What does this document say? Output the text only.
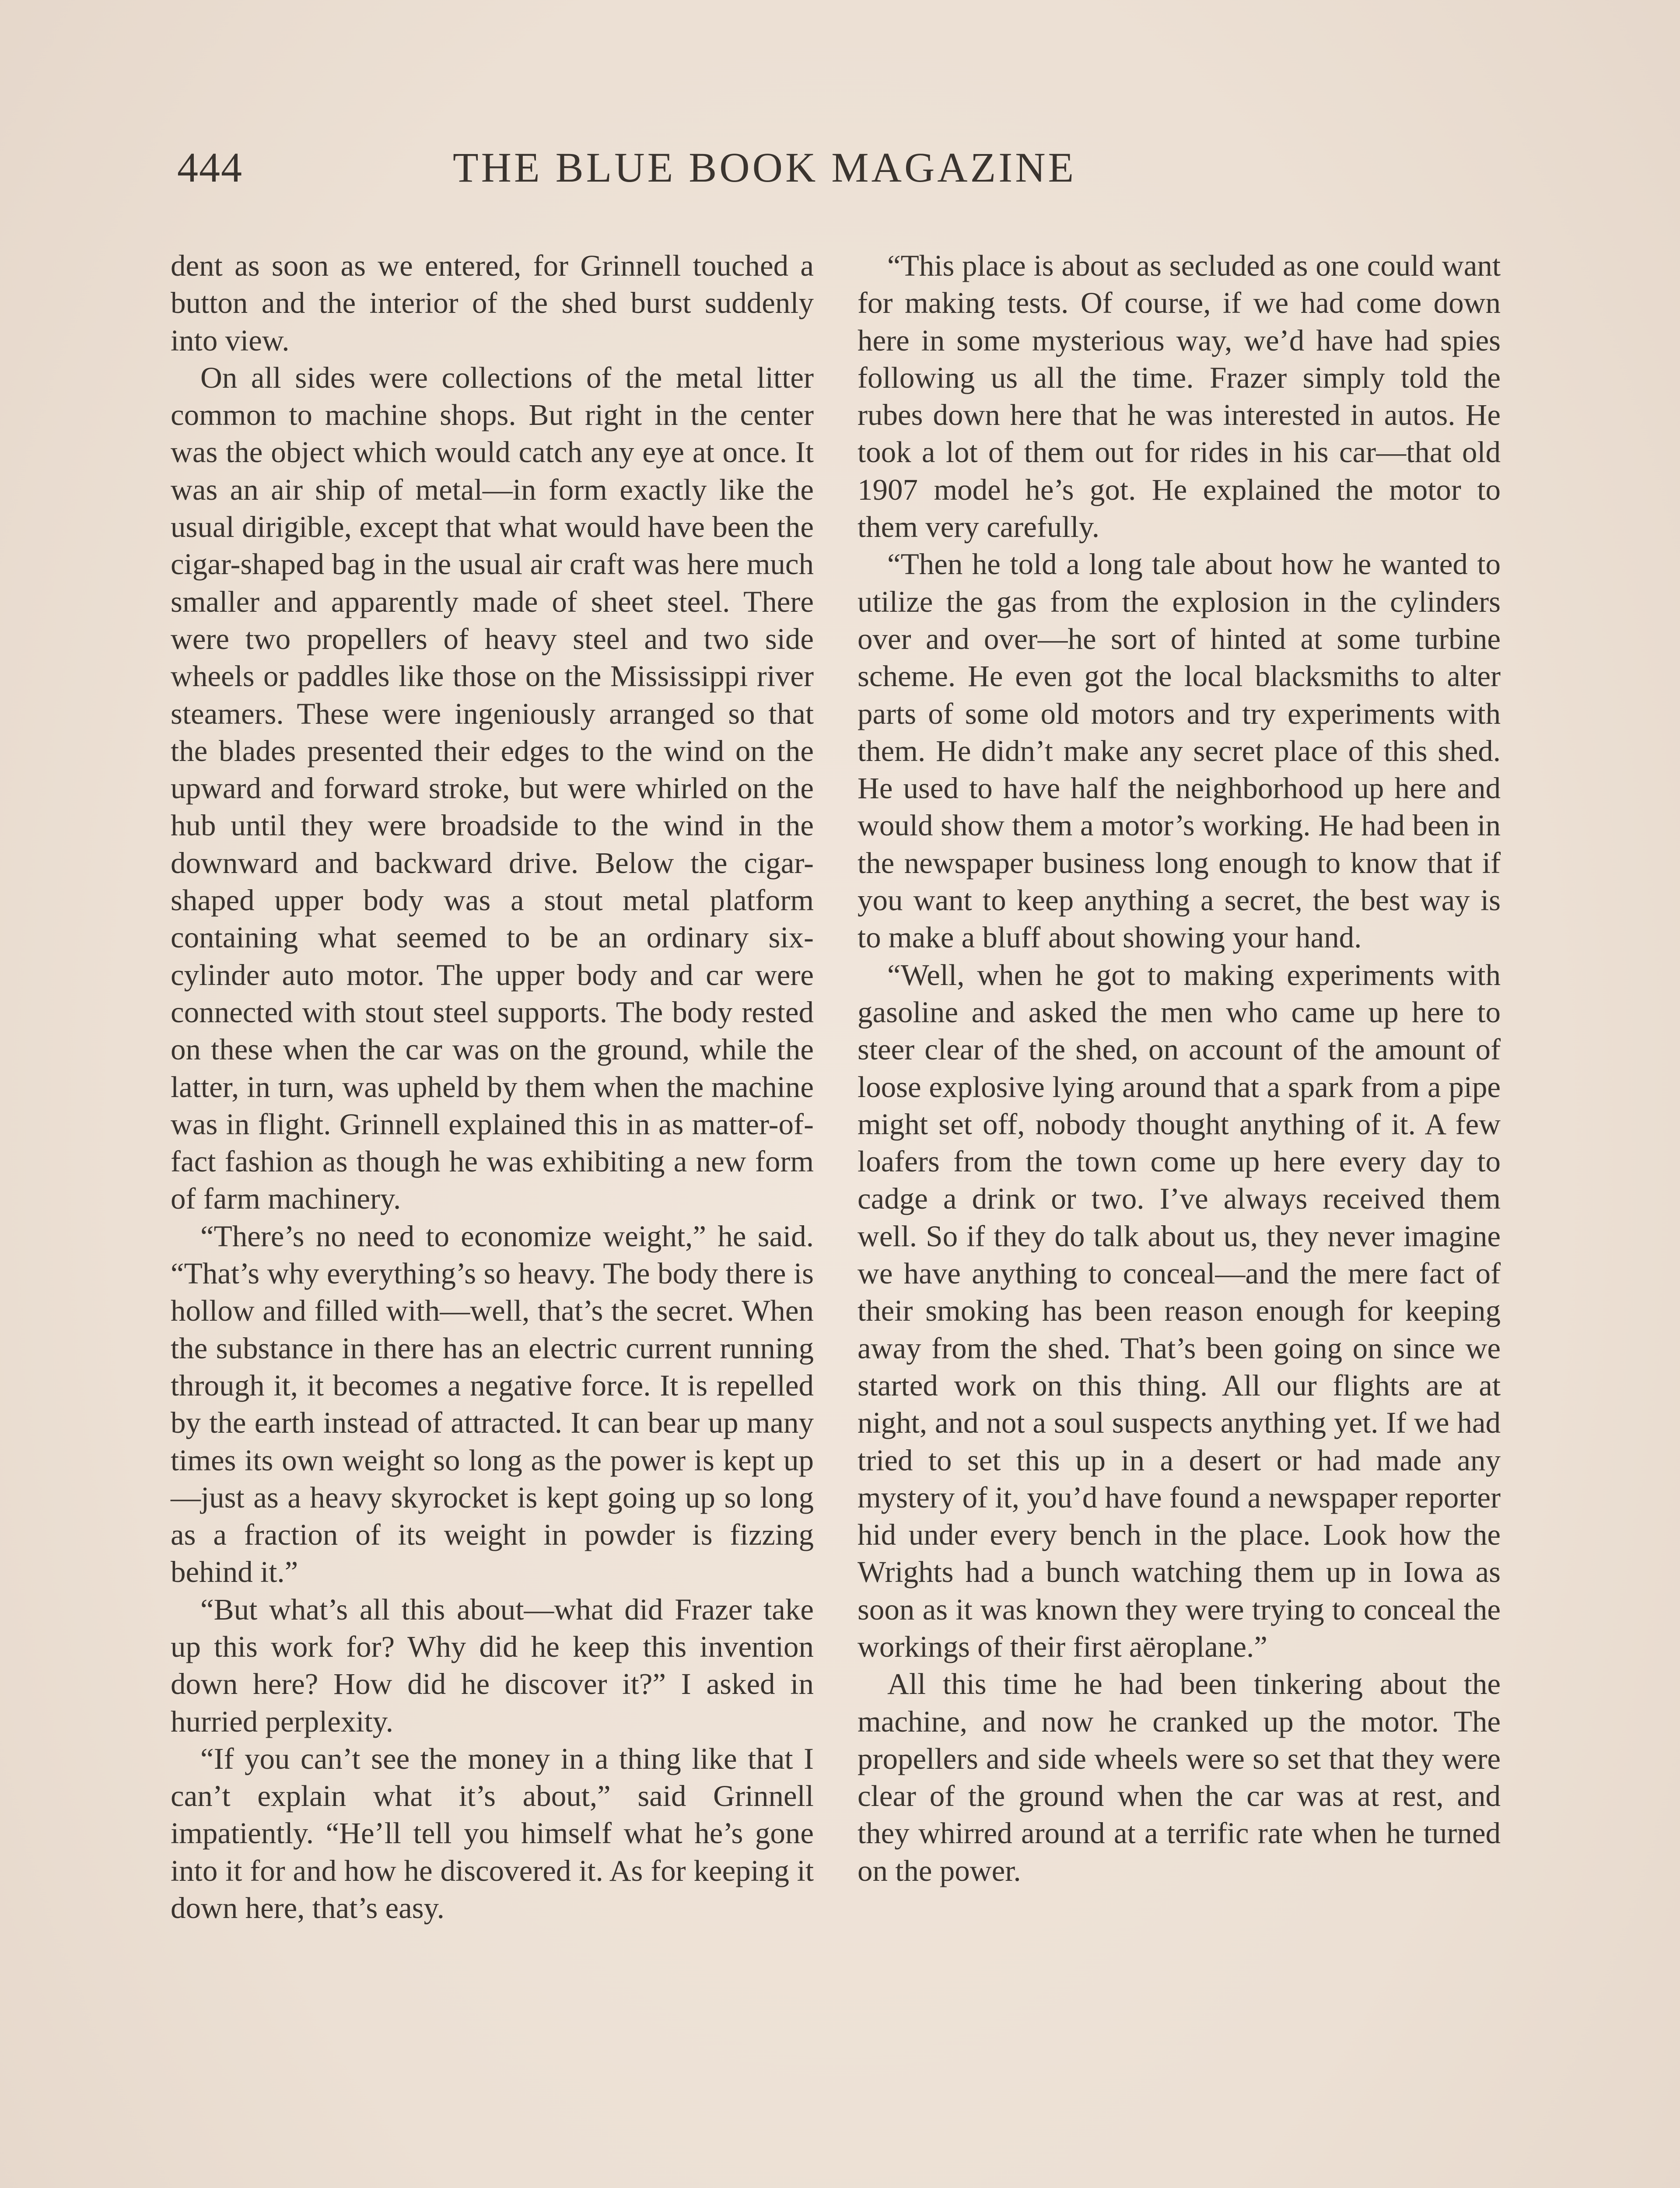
444	THE BLUE BOOK MAGAZINE

dent as soon as we entered, for Grinnell touched a button and the interior of the shed burst suddenly into view.

On all sides were collections of the metal litter common to machine shops. But right in the center was the object which would catch any eye at once. It was an air ship of metal—in form exactly like the usual dirigible, except that what would have been the cigar-shaped bag in the usual air craft was here much smaller and apparently made of sheet steel. There were two propellers of heavy steel and two side wheels or paddles like those on the Mississippi river steamers. These were ingeniously arranged so that the blades presented their edges to the wind on the upward and forward stroke, but were whirled on the hub until they were broadside to the wind in the downward and backward drive. Below the cigar-shaped upper body was a stout metal platform containing what seemed to be an ordinary six-cylinder auto motor. The upper body and car were connected with stout steel supports. The body rested on these when the car was on the ground, while the latter, in turn, was upheld by them when the machine was in flight. Grinnell explained this in as matter-of-fact fashion as though he was exhibiting a new form of farm machinery.

“There’s no need to economize weight,” he said. “That’s why everything’s so heavy. The body there is hollow and filled with—well, that’s the secret. When the substance in there has an electric current running through it, it becomes a negative force. It is repelled by the earth instead of attracted. It can bear up many times its own weight so long as the power is kept up—just as a heavy skyrocket is kept going up so long as a fraction of its weight in powder is fizzing behind it.”

“But what’s all this about—what did Frazer take up this work for? Why did he keep this invention down here? How did he discover it?” I asked in hurried perplexity.

“If you can’t see the money in a thing like that I can’t explain what it’s about,” said Grinnell impatiently. “He’ll tell you himself what he’s gone into it for and how he discovered it. As for keeping it down here, that’s easy.

“This place is about as secluded as one could want for making tests. Of course, if we had come down here in some mysterious way, we’d have had spies following us all the time. Frazer simply told the rubes down here that he was interested in autos. He took a lot of them out for rides in his car—that old 1907 model he’s got. He explained the motor to them very carefully.

“Then he told a long tale about how he wanted to utilize the gas from the explosion in the cylinders over and over—he sort of hinted at some turbine scheme. He even got the local blacksmiths to alter parts of some old motors and try experiments with them. He didn’t make any secret place of this shed. He used to have half the neighborhood up here and would show them a motor’s working. He had been in the newspaper business long enough to know that if you want to keep anything a secret, the best way is to make a bluff about showing your hand.

“Well, when he got to making experiments with gasoline and asked the men who came up here to steer clear of the shed, on account of the amount of loose explosive lying around that a spark from a pipe might set off, nobody thought anything of it. A few loafers from the town come up here every day to cadge a drink or two. I’ve always received them well. So if they do talk about us, they never imagine we have anything to conceal—and the mere fact of their smoking has been reason enough for keeping away from the shed. That’s been going on since we started work on this thing. All our flights are at night, and not a soul suspects anything yet. If we had tried to set this up in a desert or had made any mystery of it, you’d have found a newspaper reporter hid under every bench in the place. Look how the Wrights had a bunch watching them up in Iowa as soon as it was known they were trying to conceal the workings of their first aëroplane.”

All this time he had been tinkering about the machine, and now he cranked up the motor. The propellers and side wheels were so set that they were clear of the ground when the car was at rest, and they whirred around at a terrific rate when he turned on the power.
